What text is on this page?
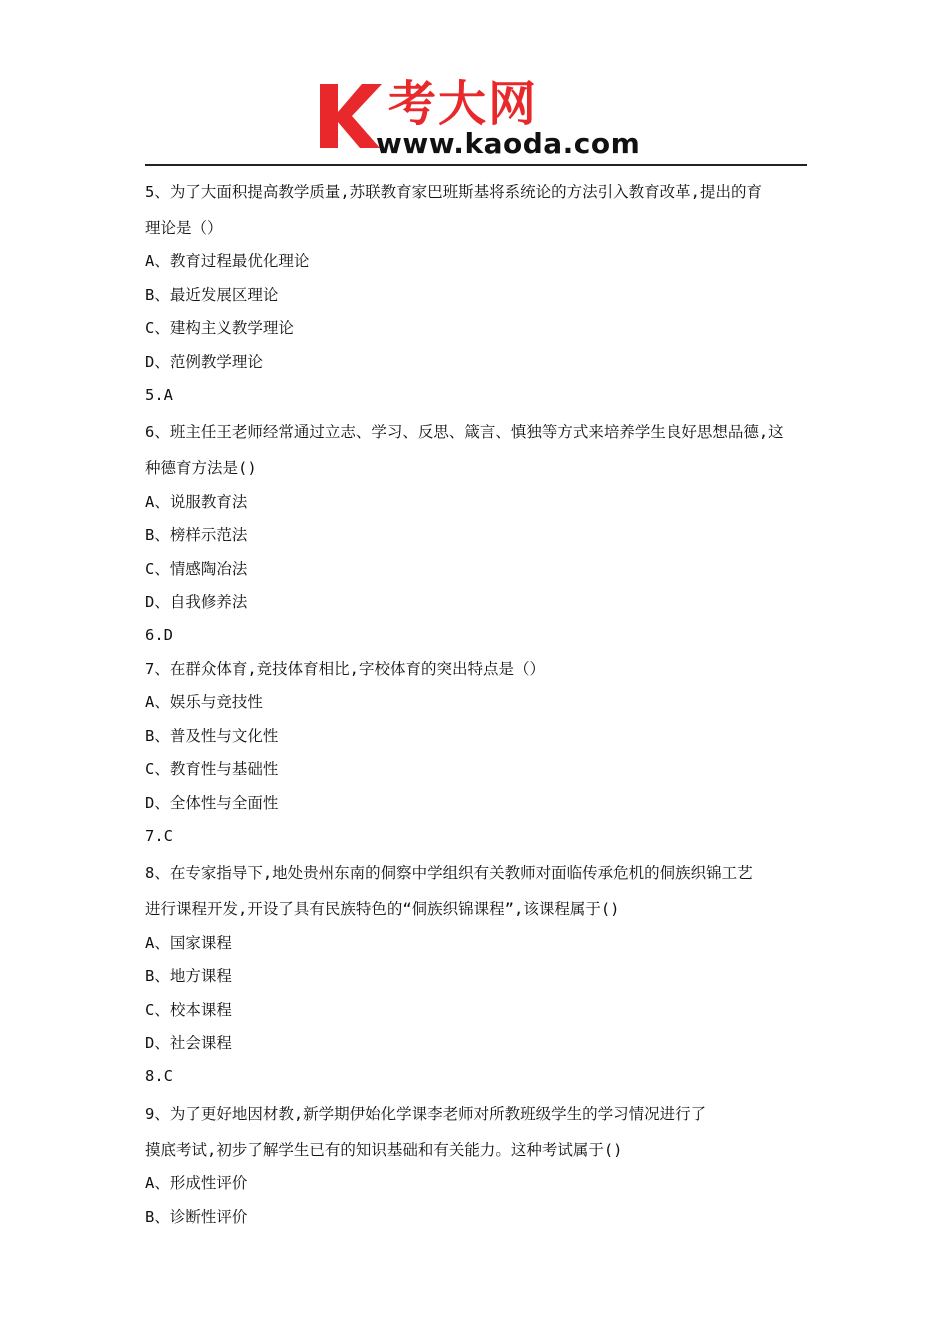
考大网
www.kaoda.com
5、为了大面积提高教学质量,苏联教育家巴班斯基将系统论的方法引入教育改革,提出的育
理论是（）
A、教育过程最优化理论
B、最近发展区理论
C、建构主义教学理论
D、范例教学理论
5.A
6、班主任王老师经常通过立志、学习、反思、箴言、慎独等方式来培养学生良好思想品德,这
种德育方法是()
A、说服教育法
B、榜样示范法
C、情感陶冶法
D、自我修养法
6.D
7、在群众体育,竞技体育相比,字校体育的突出特点是（）
A、娱乐与竞技性
B、普及性与文化性
C、教育性与基础性
D、全体性与全面性
7.C
8、在专家指导下,地处贵州东南的侗察中学组织有关教师对面临传承危机的侗族织锦工艺
进行课程开发,开设了具有民族特色的“侗族织锦课程”,该课程属于()
A、国家课程
B、地方课程
C、校本课程
D、社会课程
8.C
9、为了更好地因材教,新学期伊始化学课李老师对所教班级学生的学习情况进行了
摸底考试,初步了解学生已有的知识基础和有关能力。这种考试属于()
A、形成性评价
B、诊断性评价
